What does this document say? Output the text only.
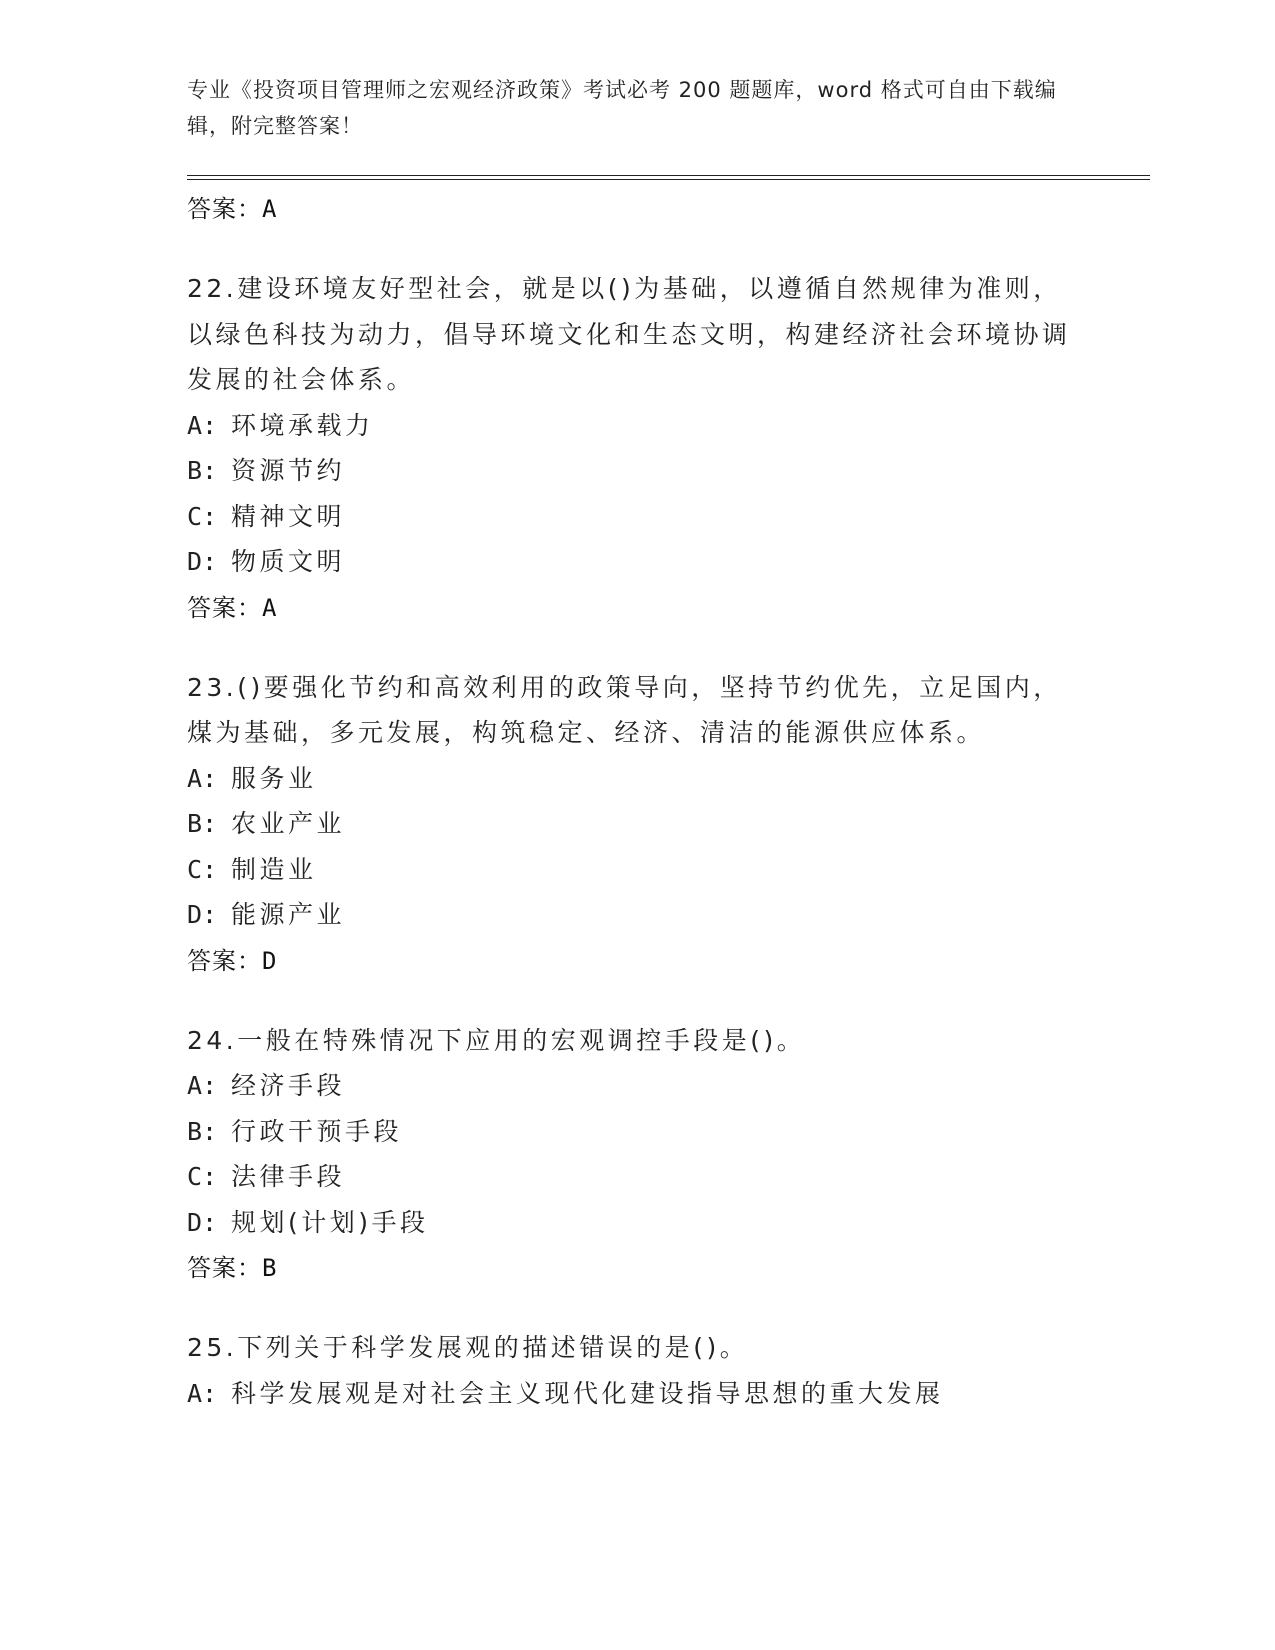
专业《投资项目管理师之宏观经济政策》考试必考 200 题题库，word 格式可自由下载编辑，附完整答案！
答案：A
22.建设环境友好型社会，就是以()为基础，以遵循自然规律为准则，以绿色科技为动力，倡导环境文化和生态文明，构建经济社会环境协调发展的社会体系。
A: 环境承载力
B: 资源节约
C: 精神文明
D: 物质文明
答案：A
23.()要强化节约和高效利用的政策导向，坚持节约优先，立足国内，煤为基础，多元发展，构筑稳定、经济、清洁的能源供应体系。
A: 服务业
B: 农业产业
C: 制造业
D: 能源产业
答案：D
24.一般在特殊情况下应用的宏观调控手段是()。
A: 经济手段
B: 行政干预手段
C: 法律手段
D: 规划(计划)手段
答案：B
25.下列关于科学发展观的描述错误的是()。
A: 科学发展观是对社会主义现代化建设指导思想的重大发展
